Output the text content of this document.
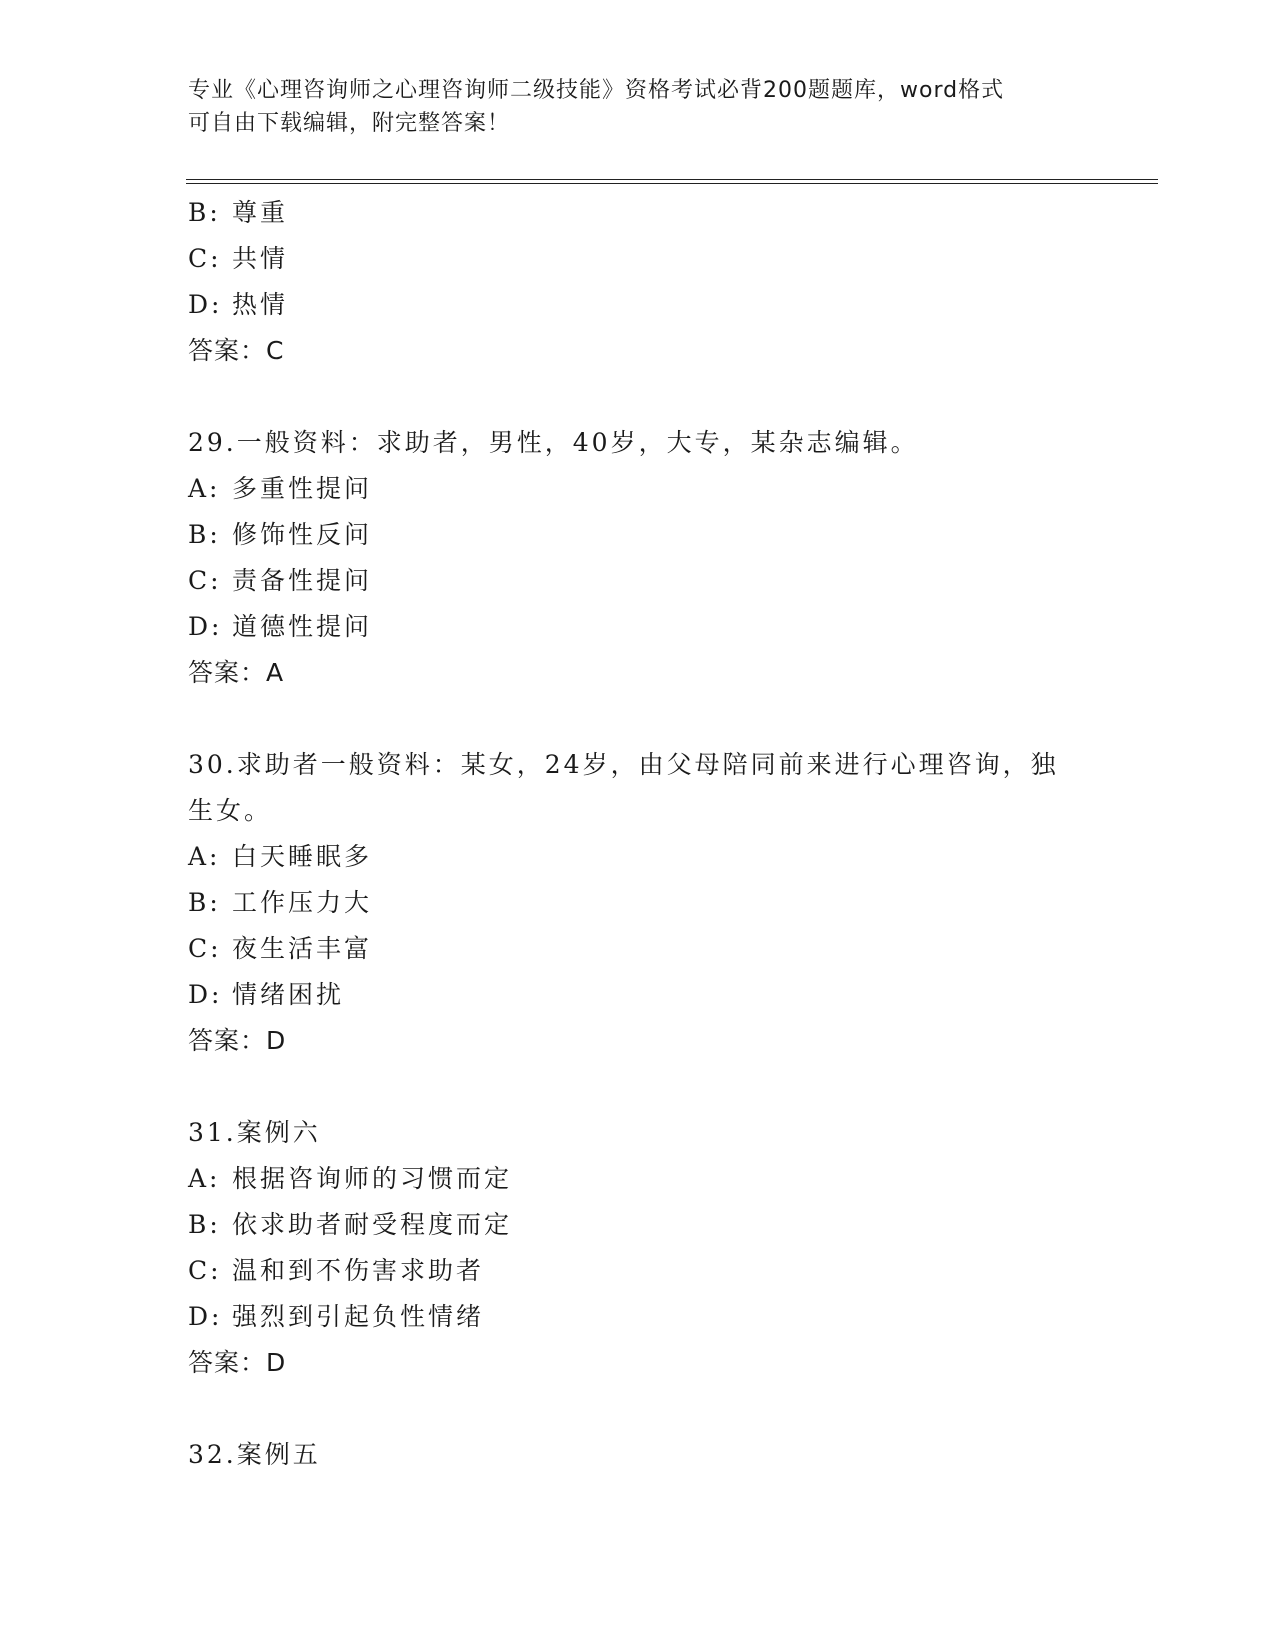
专业《心理咨询师之心理咨询师二级技能》资格考试必背200题题库，word格式
可自由下载编辑，附完整答案！
B: 尊重
C: 共情
D: 热情
答案：C
29.一般资料：求助者，男性，40岁，大专，某杂志编辑。
A: 多重性提问
B: 修饰性反问
C: 责备性提问
D: 道德性提问
答案：A
30.求助者一般资料：某女，24岁，由父母陪同前来进行心理咨询，独
生女。
A: 白天睡眠多
B: 工作压力大
C: 夜生活丰富
D: 情绪困扰
答案：D
31.案例六
A: 根据咨询师的习惯而定
B: 依求助者耐受程度而定
C: 温和到不伤害求助者
D: 强烈到引起负性情绪
答案：D
32.案例五
